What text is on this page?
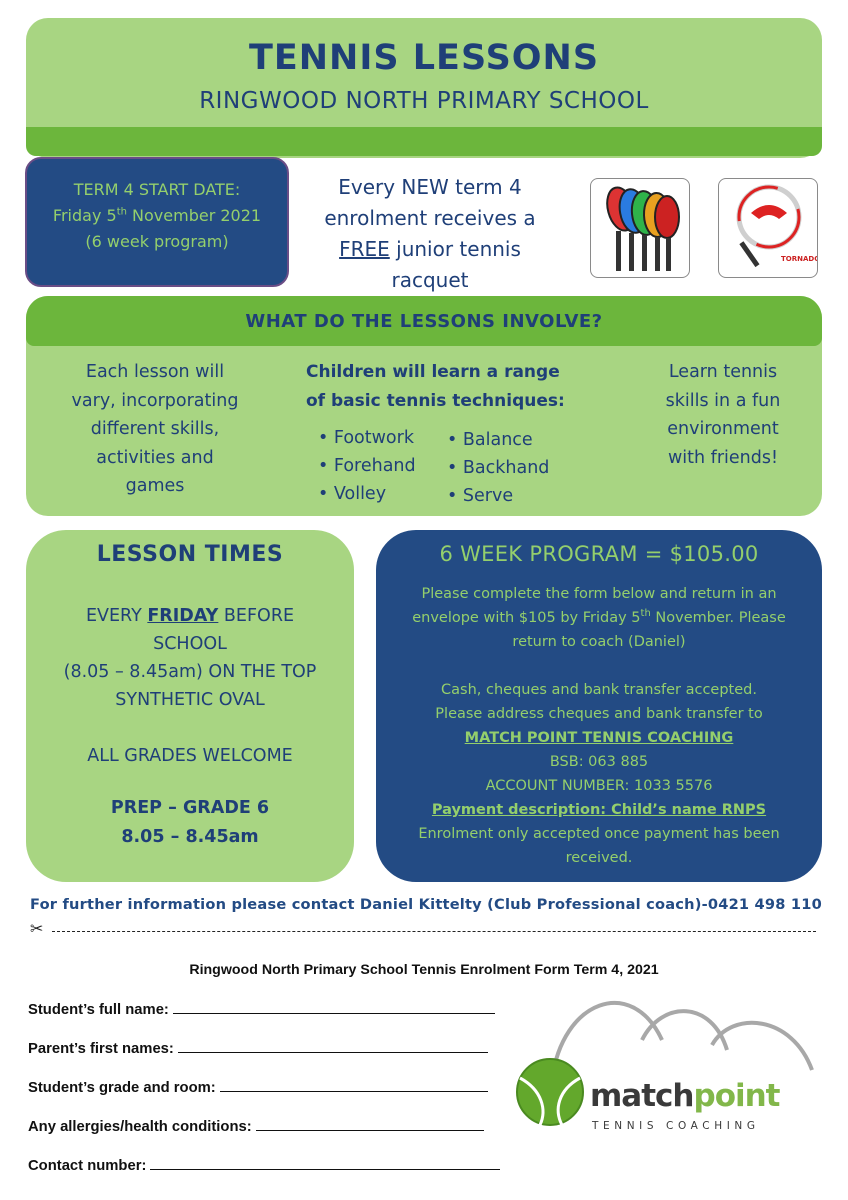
TENNIS LESSONS
RINGWOOD NORTH PRIMARY SCHOOL
TERM 4 START DATE:
Friday 5th November 2021
(6 week program)
Every NEW term 4
enrolment receives a
FREE junior tennis
racquet
TORNADO
WHAT DO THE LESSONS INVOLVE?
Each lesson will
vary, incorporating
different skills,
activities and
games
Children will learn a range
of basic tennis techniques:
• Footwork
• Forehand
• Volley
• Balance
• Backhand
• Serve
Learn tennis
skills in a fun
environment
with friends!
LESSON TIMES
EVERY FRIDAY BEFORE
SCHOOL
(8.05 – 8.45am) ON THE TOP
SYNTHETIC OVAL
ALL GRADES WELCOME
PREP – GRADE 6
8.05 – 8.45am
6 WEEK PROGRAM = $105.00
Please complete the form below and return in an
envelope with $105 by Friday 5th November. Please
return to coach (Daniel)
Cash, cheques and bank transfer accepted.
Please address cheques and bank transfer to
MATCH POINT TENNIS COACHING
BSB: 063 885
ACCOUNT NUMBER: 1033 5576
Payment description: Child’s name RNPS
Enrolment only accepted once payment has been
received.
For further information please contact Daniel Kittelty (Club Professional coach)-0421 498 110
✂
Ringwood North Primary School Tennis Enrolment Form Term 4, 2021
Student’s full name:
Parent’s first names:
Student’s grade and room:
Any allergies/health conditions:
Contact number:
matchpoint
TENNIS COACHING
